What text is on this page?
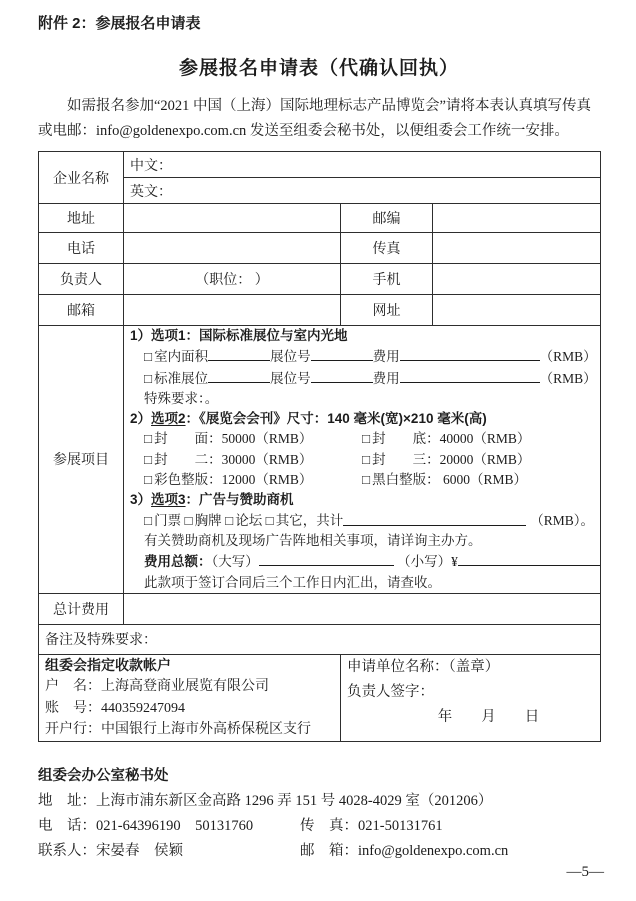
附件 2：参展报名申请表
参展报名申请表（代确认回执）
如需报名参加“2021 中国（上海）国际地理标志产品博览会”请将本表认真填写传真或电邮：info@goldenexpo.com.cn 发送至组委会秘书处，以便组委会工作统一安排。
企业名称	中文：		
	英文：		
地址		邮编	
电话		传真	
负责人	（职位： ）	手机	
邮箱		网址	
参展项目	
1）选项1：国际标准展位与室内光地
□ 室内面积	展位号	费用	（RMB）
□ 标准展位	展位号	费用	（RMB）
特殊要求：。
2）选项2：《展览会会刊》尺寸：140 毫米(宽)×210 毫米(高)
□ 封　　面：50000（RMB）	□ 封　　底：40000（RMB）
□ 封　　二：30000（RMB）	□ 封　　三：20000（RMB）
□ 彩色整版：12000（RMB）	□ 黑白整版： 6000（RMB）
3）选项3：广告与赞助商机
□ 门票 □ 胸牌 □ 论坛 □ 其它，共计	（RMB）。
有关赞助商机及现场广告阵地相关事项，请详询主办方。
费用总额：（大写）	（小写）¥
此款项于签订合同后三个工作日内汇出，请查收。

总计费用			
备注及特殊要求：			

组委会指定收款帐户
户　名：上海高登商业展览有限公司
账　号：440359247094
开户行：中国银行上海市外高桥保税区支行

申请单位名称：（盖章）
负责人签字：
年　　月　　日
组委会办公室秘书处
地　址：上海市浦东新区金高路 1296 弄 151 号 4028-4029 室（201206）
电　话：021-64396190　50131760	传　真：021-50131761
联系人：宋晏春　侯颖	邮　箱：info@goldenexpo.com.cn
—5—
